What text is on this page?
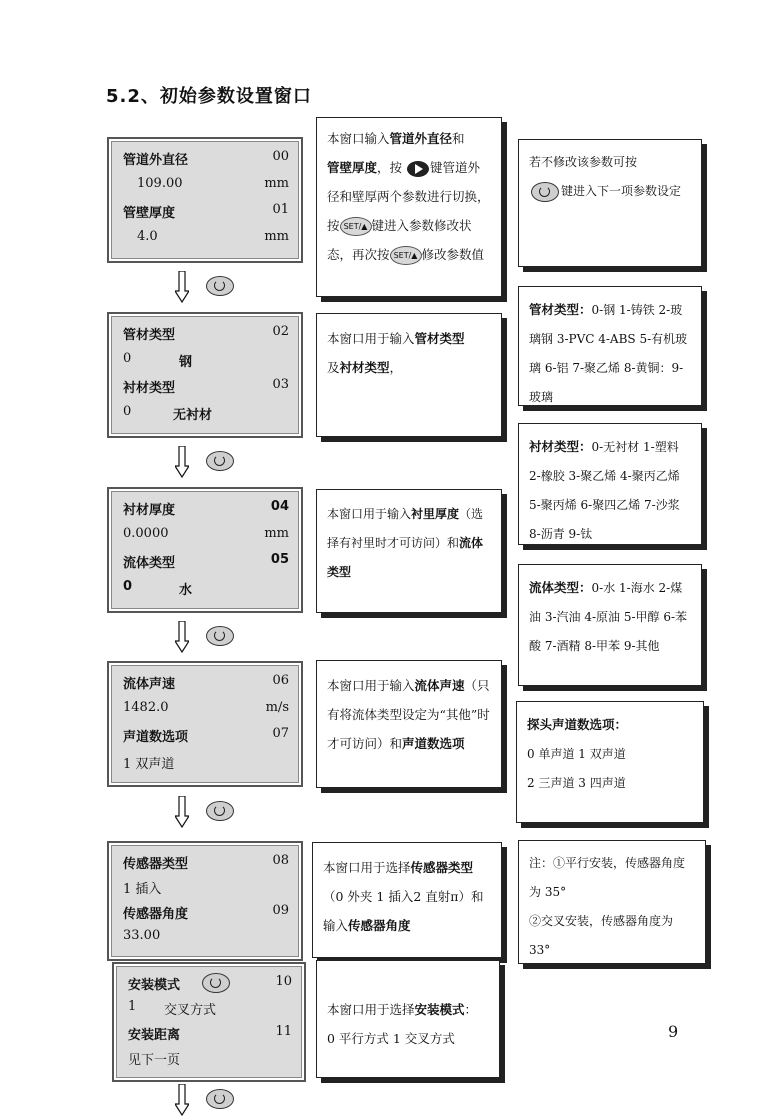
5.2、初始参数设置窗口
管道外直径	00
109.00	mm
管壁厚度	01
4.0	mm
管材类型	02
0	钢
衬材类型	03
0	无衬材
衬材厚度	04
0.0000	mm
流体类型	05
0	水
流体声速	06
1482.0	m/s
声道数选项	07
1 双声道
传感器类型	08
1 插入
传感器角度	09
33.00
安装模式	10
1 交叉方式
安装距离	11
见下一页
本窗口输入管道外直径和
管壁厚度，按 键管道外径和壁厚两个参数进行切换，按 SET/▲ 键进入参数修改状态，再次按 SET/▲ 修改参数值
本窗口用于输入管材类型
及衬材类型，
本窗口用于输入衬里厚度（选择有衬里时才可访问）和流体类型
本窗口用于输入流体声速（只有将流体类型设定为“其他”时才可访问）和声道数选项
本窗口用于选择传感器类型（0 外夹 1 插入2 直射π）和输入传感器角度
本窗口用于选择安装模式：
0 平行方式 1 交叉方式
若不修改该参数可按
键进入下一项参数设定
管材类型：0-钢 1-铸铁 2-玻璃钢 3-PVC 4-ABS 5-有机玻璃 6-铝 7-聚乙烯 8-黄铜：9-玻璃
衬材类型：0-无衬材 1-塑料 2-橡胶 3-聚乙烯 4-聚丙乙烯 5-聚丙烯 6-聚四乙烯 7-沙浆 8-沥青 9-钛
流体类型：0-水 1-海水 2-煤油 3-汽油 4-原油 5-甲醇 6-苯酸 7-酒精 8-甲苯 9-其他
探头声道数选项：
0 单声道 1 双声道
2 三声道 3 四声道
注：①平行安装，传感器角度为 35°
②交叉安装，传感器角度为 33°
9
